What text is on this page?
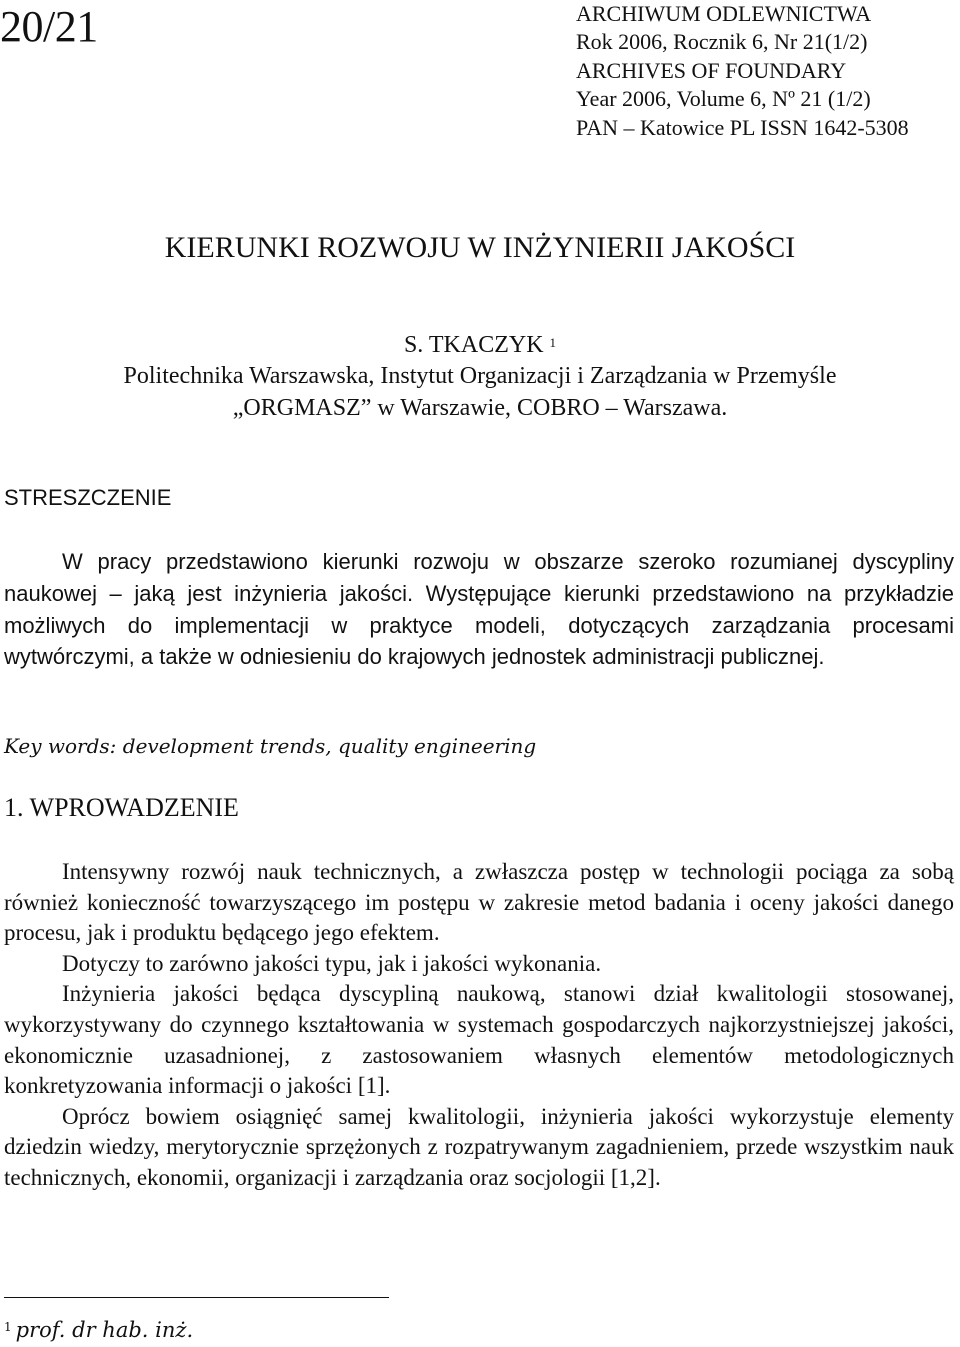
20/21	ARCHIWUM ODLEWNICTWA
Rok 2006, Rocznik 6, Nr 21(1/2)
ARCHIVES OF FOUNDARY
Year 2006, Volume 6, Nº 21 (1/2)
PAN – Katowice PL ISSN 1642-5308
KIERUNKI ROZWOJU W INŻYNIERII JAKOŚCI
S. TKACZYK $^1$
Politechnika Warszawska, Instytut Organizacji i Zarządzania w Przemyśle
„ORGMASZ” w Warszawie, COBRO – Warszawa.
STRESZCZENIE

W pracy przedstawiono kierunki rozwoju w obszarze szeroko rozumianej dyscypliny naukowej – jaką jest inżynieria jakości. Występujące kierunki przedstawiono na przykładzie możliwych do implementacji w praktyce modeli, dotyczących zarządzania procesami wytwórczymi, a także w odniesieniu do krajowych jednostek administracji publicznej.

Key words: development trends, quality engineering
1. WPROWADZENIE

Intensywny rozwój nauk technicznych, a zwłaszcza postęp w technologii pociąga za sobą również konieczność towarzyszącego im postępu w zakresie metod badania i oceny jakości danego procesu, jak i produktu będącego jego efektem.

Dotyczy to zarówno jakości typu, jak i jakości wykonania.

Inżynieria jakości będąca dyscypliną naukową, stanowi dział kwalitologii stosowanej, wykorzystywany do czynnego kształtowania w systemach gospodarczych najkorzystniejszej jakości, ekonomicznie uzasadnionej, z zastosowaniem własnych elementów metodologicznych konkretyzowania informacji o jakości [1].

Oprócz bowiem osiągnięć samej kwalitologii, inżynieria jakości wykorzystuje elementy dziedzin wiedzy, merytorycznie sprzężonych z rozpatrywanym zagadnieniem, przede wszystkim nauk technicznych, ekonomii, organizacji i zarządzania oraz socjologii [1,2].

$^1$ prof. dr hab. inż.
